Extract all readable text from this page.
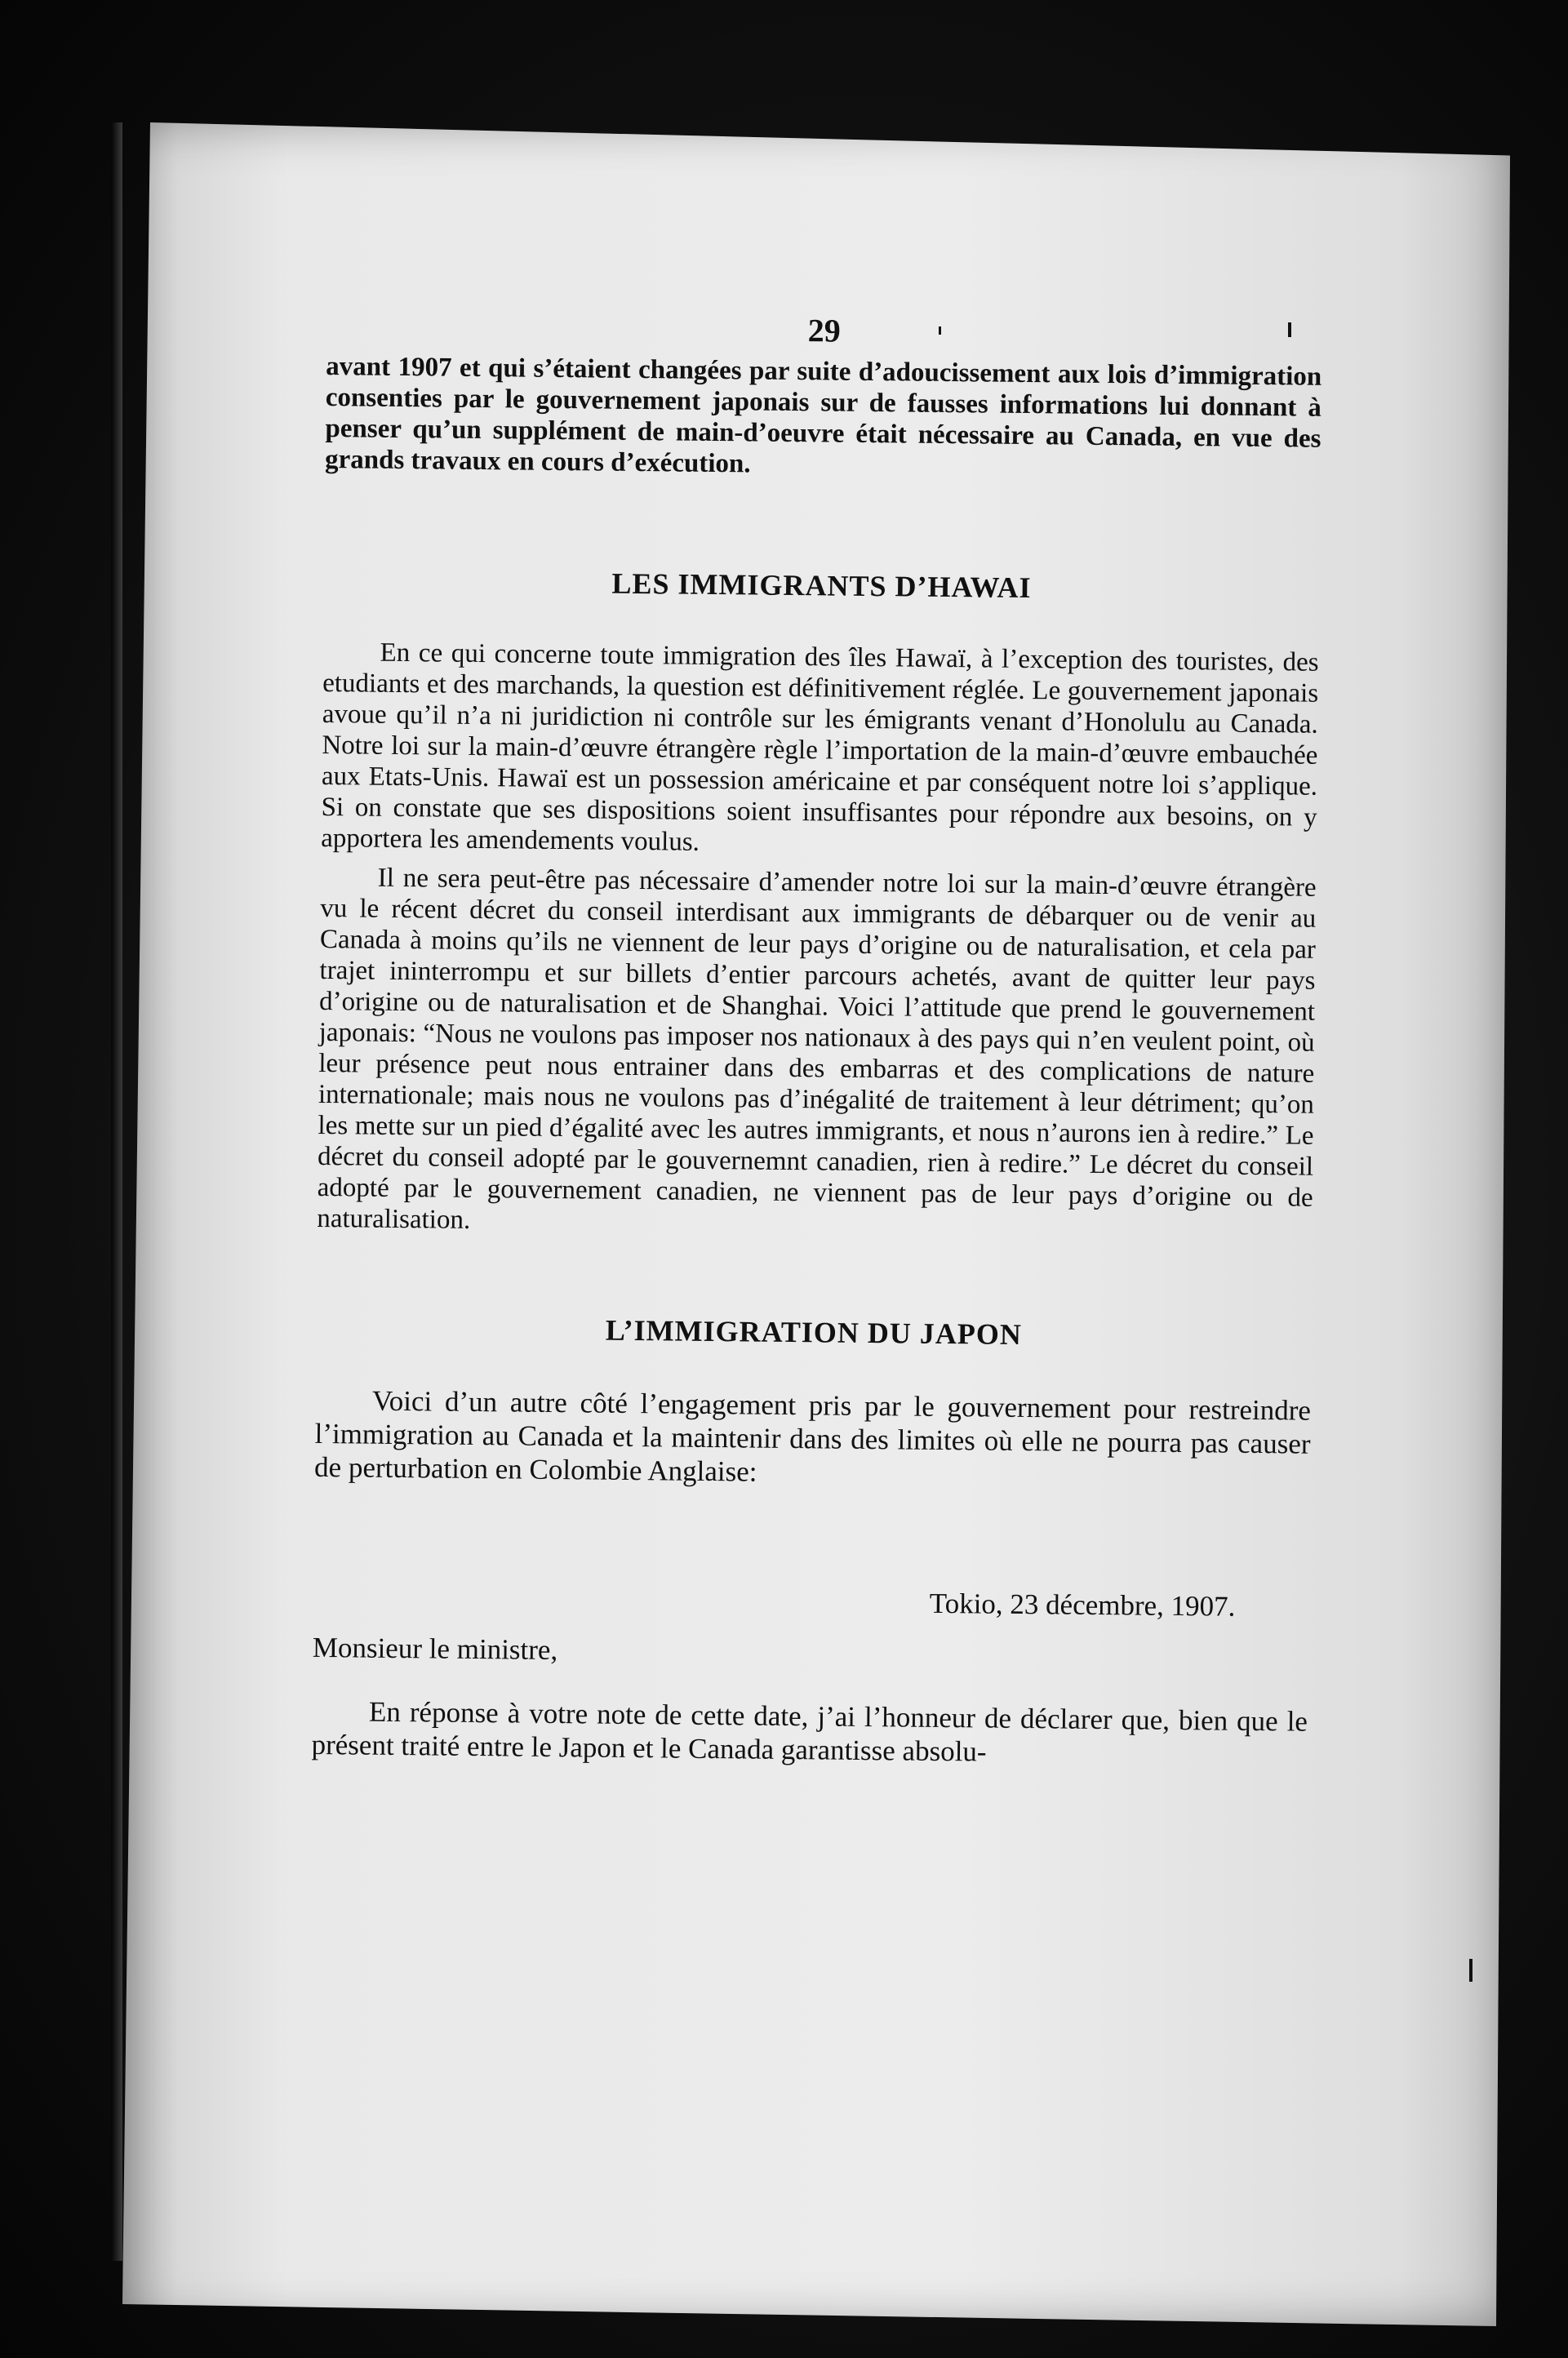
29

avant 1907 et qui s’étaient changées par suite d’adoucissement aux lois d’immigration consenties par le gouvernement japonais sur de fausses informations lui donnant à penser qu’un supplément de main-d’oeuvre était nécessaire au Canada, en vue des grands travaux en cours d’exécution.

LES IMMIGRANTS D’HAWAI

En ce qui concerne toute immigration des îles Hawaï, à l’exception des touristes, des etudiants et des marchands, la question est définitivement réglée. Le gouvernement japonais avoue qu’il n’a ni juridiction ni contrôle sur les émigrants venant d’Honolulu au Canada. Notre loi sur la main-d’œuvre étrangère règle l’importation de la main-d’œuvre embauchée aux Etats-Unis. Hawaï est un possession américaine et par conséquent notre loi s’applique. Si on constate que ses dispositions soient insuffisantes pour répondre aux besoins, on y apportera les amendements voulus.

Il ne sera peut-être pas nécessaire d’amender notre loi sur la main-d’œuvre étrangère vu le récent décret du conseil interdisant aux immigrants de débarquer ou de venir au Canada à moins qu’ils ne viennent de leur pays d’origine ou de naturalisation, et cela par trajet ininterrompu et sur billets d’entier parcours achetés, avant de quitter leur pays d’origine ou de naturalisation et de Shanghai. Voici l’attitude que prend le gouvernement japonais: “Nous ne voulons pas imposer nos nationaux à des pays qui n’en veulent point, où leur présence peut nous entrainer dans des embarras et des complications de nature internationale; mais nous ne voulons pas d’inégalité de traitement à leur détriment; qu’on les mette sur un pied d’égalité avec les autres immigrants, et nous n’aurons ien à redire.” Le décret du conseil adopté par le gouvernemnt canadien, rien à redire.” Le décret du conseil adopté par le gouvernement canadien, ne viennent pas de leur pays d’origine ou de naturalisation.

L’IMMIGRATION DU JAPON

Voici d’un autre côté l’engagement pris par le gouvernement pour restreindre l’immigration au Canada et la maintenir dans des limites où elle ne pourra pas causer de perturbation en Colombie Anglaise:

Tokio, 23 décembre, 1907.

Monsieur le ministre,

En réponse à votre note de cette date, j’ai l’honneur de déclarer que, bien que le présent traité entre le Japon et le Canada garantisse absolu-
